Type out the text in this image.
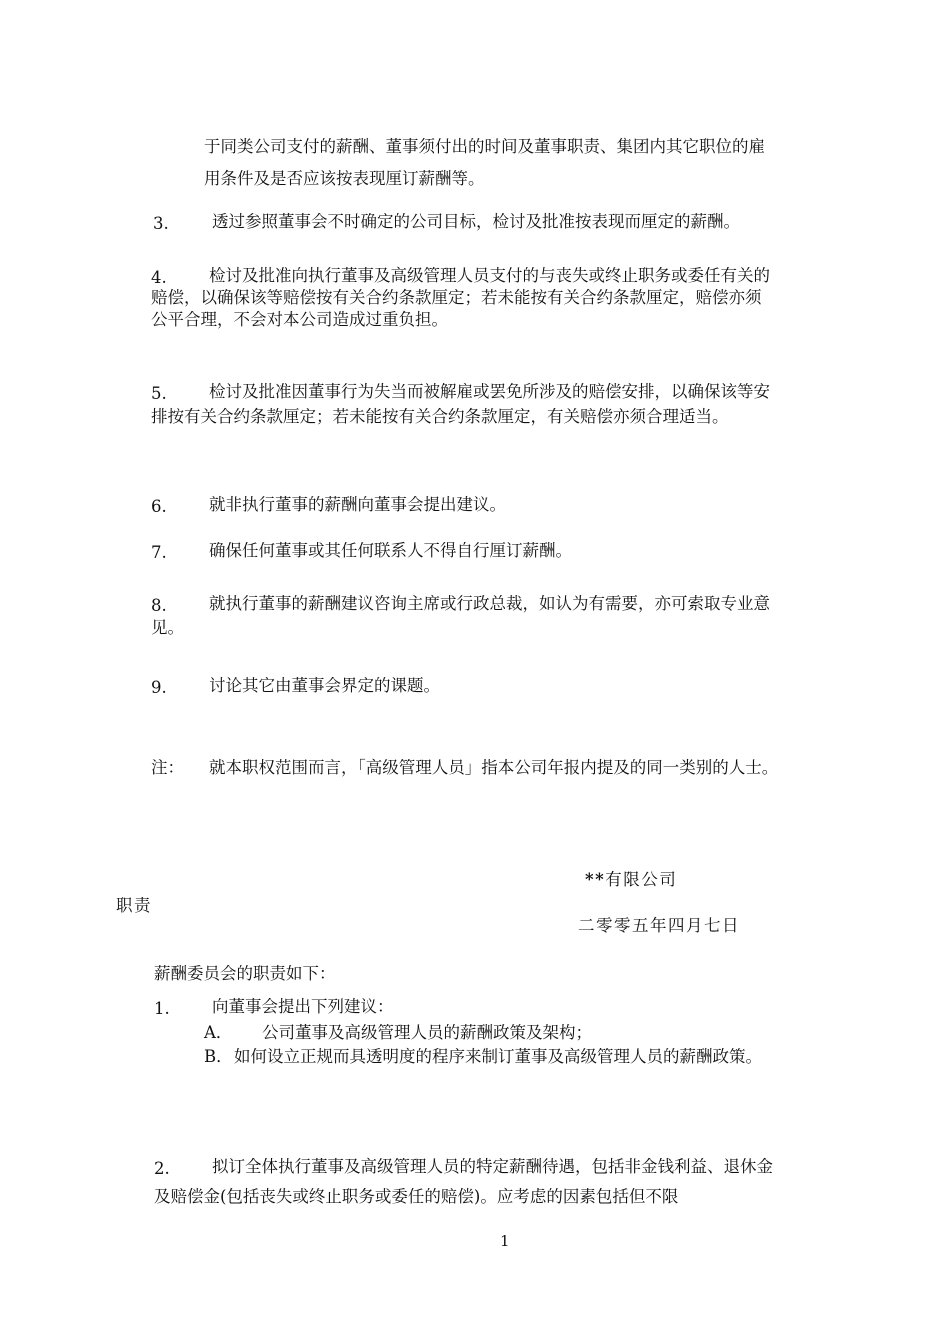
于同类公司支付的薪酬、董事须付出的时间及董事职责、集团内其它职位的雇
用条件及是否应该按表现厘订薪酬等。
3.	透过参照董事会不时确定的公司目标，检讨及批准按表现而厘定的薪酬。
4.	检讨及批准向执行董事及高级管理人员支付的与丧失或终止职务或委任有关的
赔偿，以确保该等赔偿按有关合约条款厘定；若未能按有关合约条款厘定，赔偿亦须
公平合理，不会对本公司造成过重负担。
5.	检讨及批准因董事行为失当而被解雇或罢免所涉及的赔偿安排，以确保该等安
排按有关合约条款厘定；若未能按有关合约条款厘定，有关赔偿亦须合理适当。
6.	就非执行董事的薪酬向董事会提出建议。
7.	确保任何董事或其任何联系人不得自行厘订薪酬。
8.	就执行董事的薪酬建议咨询主席或行政总裁，如认为有需要，亦可索取专业意
见。
9.	讨论其它由董事会界定的课题。
注： 就本职权范围而言，「高级管理人员」指本公司年报内提及的同一类别的人士。
**有限公司
职责
二零零五年四月七日
薪酬委员会的职责如下：
1.	向董事会提出下列建议：
A． 公司董事及高级管理人员的薪酬政策及架构；
B． 如何设立正规而具透明度的程序来制订董事及高级管理人员的薪酬政策。
2.	拟订全体执行董事及高级管理人员的特定薪酬待遇，包括非金钱利益、退休金
及赔偿金(包括丧失或终止职务或委任的赔偿)。应考虑的因素包括但不限
1
